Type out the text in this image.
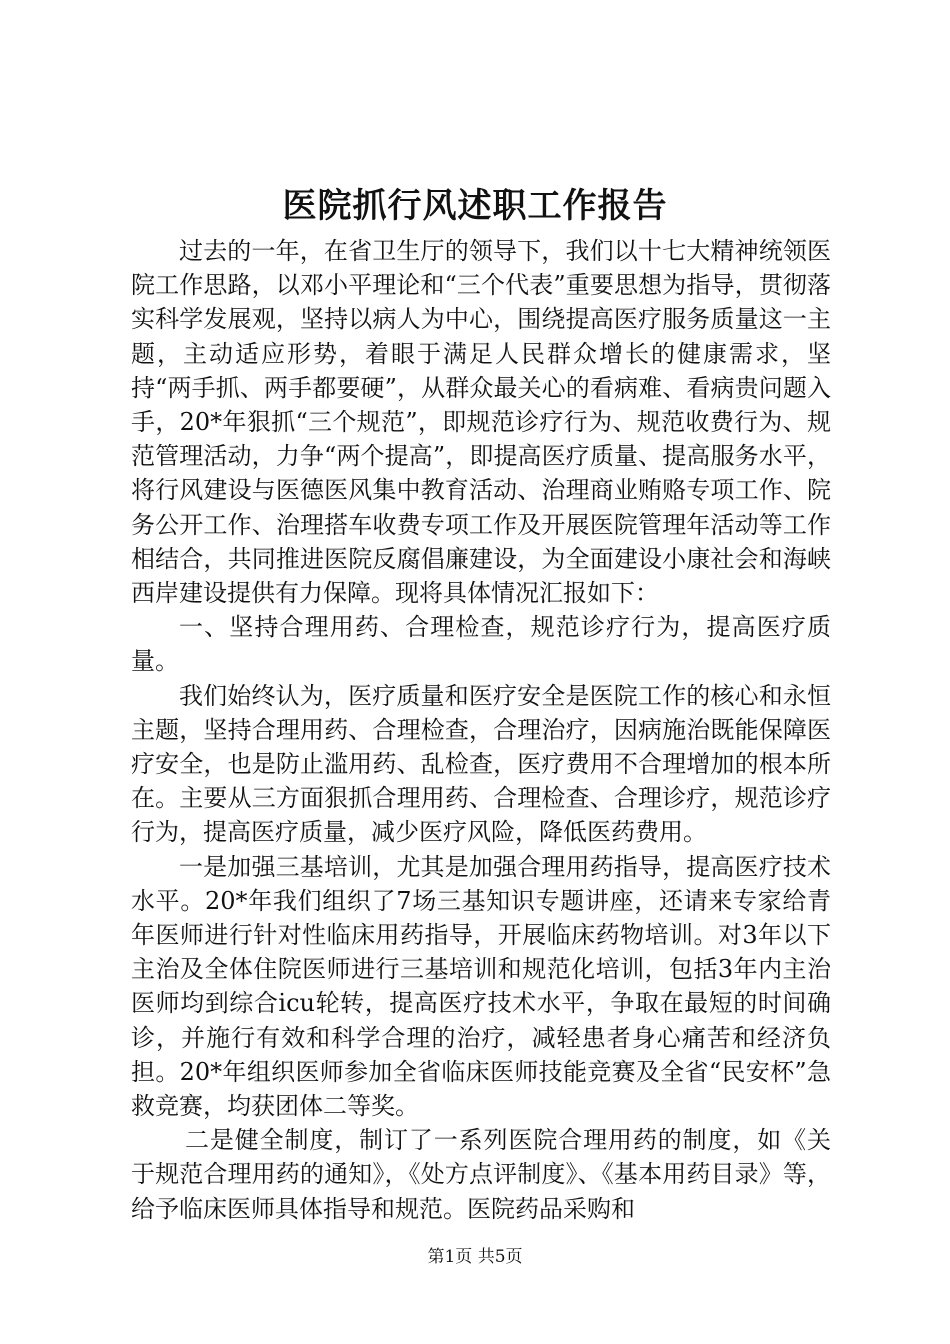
医院抓行风述职工作报告

过去的一年，在省卫生厅的领导下，我们以十七大精神统领医院工作思路，以邓小平理论和“三个代表”重要思想为指导，贯彻落实科学发展观，坚持以病人为中心，围绕提高医疗服务质量这一主题，主动适应形势，着眼于满足人民群众增长的健康需求，坚持“两手抓、两手都要硬”，从群众最关心的看病难、看病贵问题入手，20*年狠抓“三个规范”，即规范诊疗行为、规范收费行为、规范管理活动，力争“两个提高”，即提高医疗质量、提高服务水平，将行风建设与医德医风集中教育活动、治理商业贿赂专项工作、院务公开工作、治理搭车收费专项工作及开展医院管理年活动等工作相结合，共同推进医院反腐倡廉建设，为全面建设小康社会和海峡西岸建设提供有力保障。现将具体情况汇报如下：

一、坚持合理用药、合理检查，规范诊疗行为，提高医疗质量。

我们始终认为，医疗质量和医疗安全是医院工作的核心和永恒主题，坚持合理用药、合理检查，合理治疗，因病施治既能保障医疗安全，也是防止滥用药、乱检查，医疗费用不合理增加的根本所在。主要从三方面狠抓合理用药、合理检查、合理诊疗，规范诊疗行为，提高医疗质量，减少医疗风险，降低医药费用。

一是加强三基培训，尤其是加强合理用药指导，提高医疗技术水平。20*年我们组织了7场三基知识专题讲座，还请来专家给青年医师进行针对性临床用药指导，开展临床药物培训。对3年以下主治及全体住院医师进行三基培训和规范化培训，包括3年内主治医师均到综合icu轮转，提高医疗技术水平，争取在最短的时间确诊，并施行有效和科学合理的治疗，减轻患者身心痛苦和经济负担。20*年组织医师参加全省临床医师技能竞赛及全省“民安杯”急救竞赛，均获团体二等奖。

二是健全制度，制订了一系列医院合理用药的制度，如《关于规范合理用药的通知》，《处方点评制度》、《基本用药目录》等，给予临床医师具体指导和规范。医院药品采购和

第1页 共5页
